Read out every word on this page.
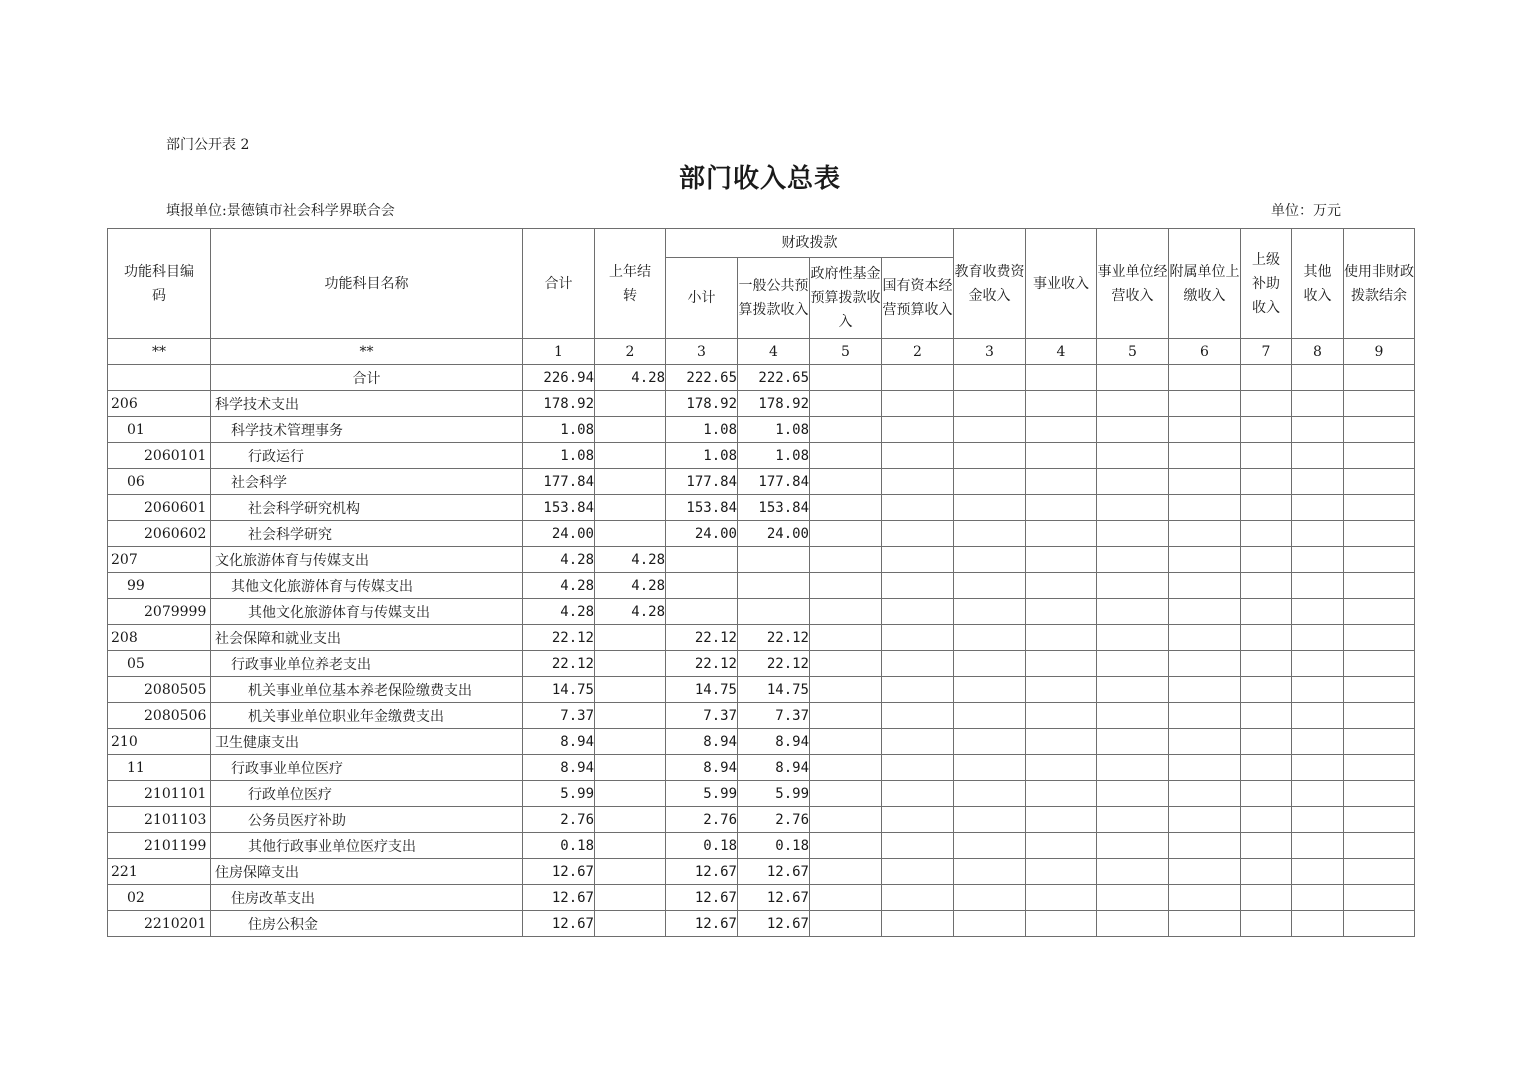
部门公开表 2
部门收入总表
填报单位:景德镇市社会科学界联合会	单位：万元
功能科目编码	功能科目名称	合计	上年结转	财政拨款				教育收费资金收入	事业收入	事业单位经营收入	附属单位上缴收入	上级补助收入	其他收入	使用非财政拨款结余
				小计	一般公共预算拨款收入	政府性基金预算拨款收入	国有资本经营预算收入							
**	**	1	2	3	4	5	2	3	4	5	6	7	8	9
	合计	226.94	4.28	222.65	222.65									
206	科学技术支出	178.92		178.92	178.92									
01	科学技术管理事务	1.08		1.08	1.08									
2060101	行政运行	1.08		1.08	1.08									
06	社会科学	177.84		177.84	177.84									
2060601	社会科学研究机构	153.84		153.84	153.84									
2060602	社会科学研究	24.00		24.00	24.00									
207	文化旅游体育与传媒支出	4.28	4.28											
99	其他文化旅游体育与传媒支出	4.28	4.28											
2079999	其他文化旅游体育与传媒支出	4.28	4.28											
208	社会保障和就业支出	22.12		22.12	22.12									
05	行政事业单位养老支出	22.12		22.12	22.12									
2080505	机关事业单位基本养老保险缴费支出	14.75		14.75	14.75									
2080506	机关事业单位职业年金缴费支出	7.37		7.37	7.37									
210	卫生健康支出	8.94		8.94	8.94									
11	行政事业单位医疗	8.94		8.94	8.94									
2101101	行政单位医疗	5.99		5.99	5.99									
2101103	公务员医疗补助	2.76		2.76	2.76									
2101199	其他行政事业单位医疗支出	0.18		0.18	0.18									
221	住房保障支出	12.67		12.67	12.67									
02	住房改革支出	12.67		12.67	12.67									
2210201	住房公积金	12.67		12.67	12.67									
